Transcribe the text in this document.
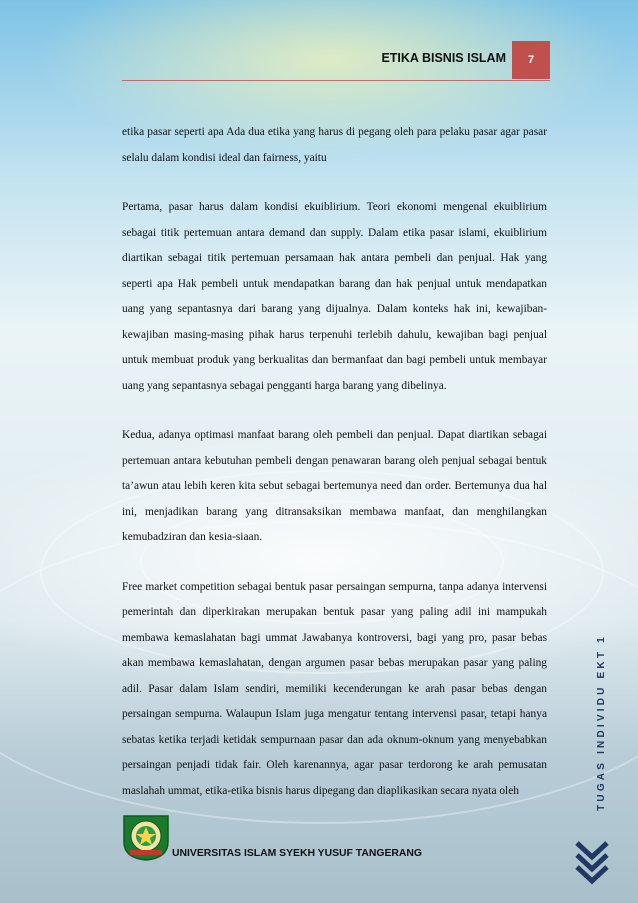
ETIKA BISNIS ISLAM	7

etika pasar seperti apa Ada dua etika yang harus di pegang oleh para pelaku pasar agar pasar selalu dalam kondisi ideal dan fairness, yaitu

Pertama, pasar harus dalam kondisi ekuiblirium. Teori ekonomi mengenal ekuiblirium sebagai titik pertemuan antara demand dan supply. Dalam etika pasar islami, ekuiblirium diartikan sebagai titik pertemuan persamaan hak antara pembeli dan penjual. Hak yang seperti apa Hak pembeli untuk mendapatkan barang dan hak penjual untuk mendapatkan uang yang sepantasnya dari barang yang dijualnya. Dalam konteks hak ini, kewajiban-kewajiban masing-masing pihak harus terpenuhi terlebih dahulu, kewajiban bagi penjual untuk membuat produk yang berkualitas dan bermanfaat dan bagi pembeli untuk membayar uang yang sepantasnya sebagai pengganti harga barang yang dibelinya.

Kedua, adanya optimasi manfaat barang oleh pembeli dan penjual. Dapat diartikan sebagai pertemuan antara kebutuhan pembeli dengan penawaran barang oleh penjual sebagai bentuk ta’awun atau lebih keren kita sebut sebagai bertemunya need dan order. Bertemunya dua hal ini, menjadikan barang yang ditransaksikan membawa manfaat, dan menghilangkan kemubadziran dan kesia-siaan.

Free market competition sebagai bentuk pasar persaingan sempurna, tanpa adanya intervensi pemerintah dan diperkirakan merupakan bentuk pasar yang paling adil ini mampukah membawa kemaslahatan bagi ummat Jawabanya kontroversi, bagi yang pro, pasar bebas akan membawa kemaslahatan, dengan argumen pasar bebas merupakan pasar yang paling adil. Pasar dalam Islam sendiri, memiliki kecenderungan ke arah pasar bebas dengan persaingan sempurna. Walaupun Islam juga mengatur tentang intervensi pasar, tetapi hanya sebatas ketika terjadi ketidak sempurnaan pasar dan ada oknum-oknum yang menyebabkan persaingan penjadi tidak fair. Oleh karenannya, agar pasar terdorong ke arah pemusatan maslahah ummat, etika-etika bisnis harus dipegang dan diaplikasikan secara nyata oleh	TUGAS INDIVIDU EKT 1
UNIVERSITAS ISLAM SYEKH YUSUF TANGERANG
